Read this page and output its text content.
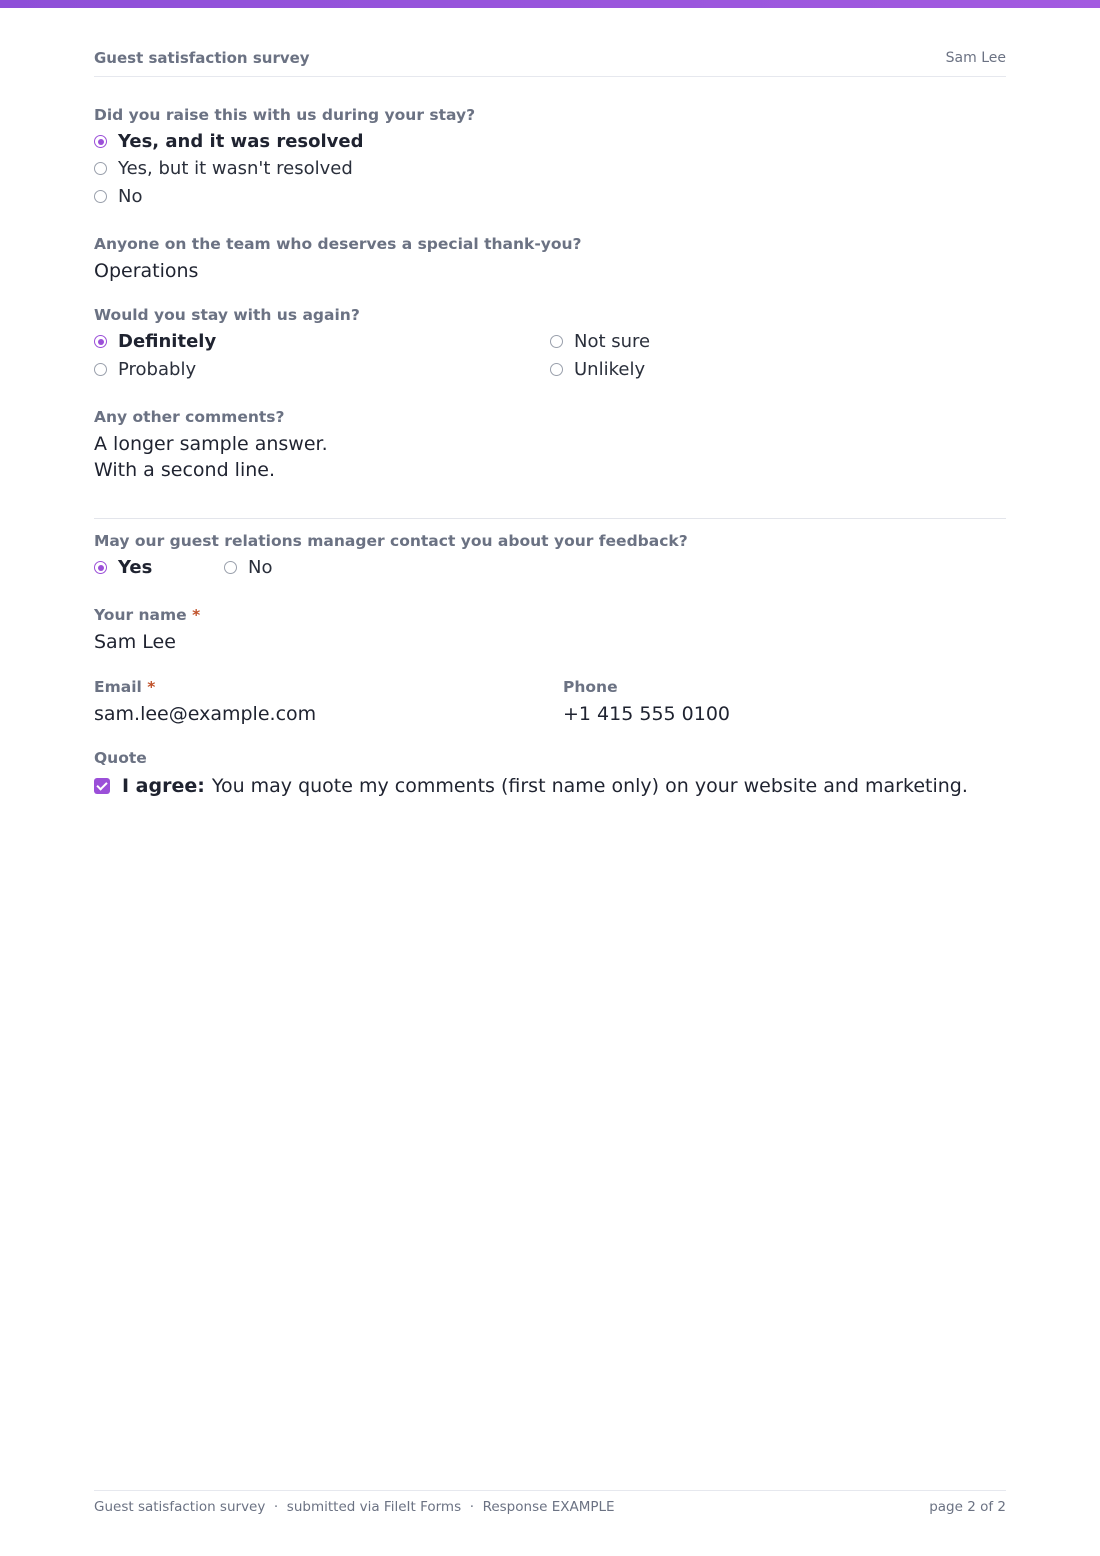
Guest satisfaction survey	Sam Lee
Did you raise this with us during your stay?
Yes, and it was resolved
Yes, but it wasn't resolved
No
Anyone on the team who deserves a special thank-you?
Operations
Would you stay with us again?
Definitely
Probably
Not sure
Unlikely
Any other comments?
A longer sample answer.
With a second line.
May our guest relations manager contact you about your feedback?
Yes	No
Your name *
Sam Lee
Email *
sam.lee@example.com
Phone
+1 415 555 0100
Quote
I agree: You may quote my comments (first name only) on your website and marketing.
Guest satisfaction survey  ·  submitted via FileIt Forms  ·  Response EXAMPLE	page 2 of 2
